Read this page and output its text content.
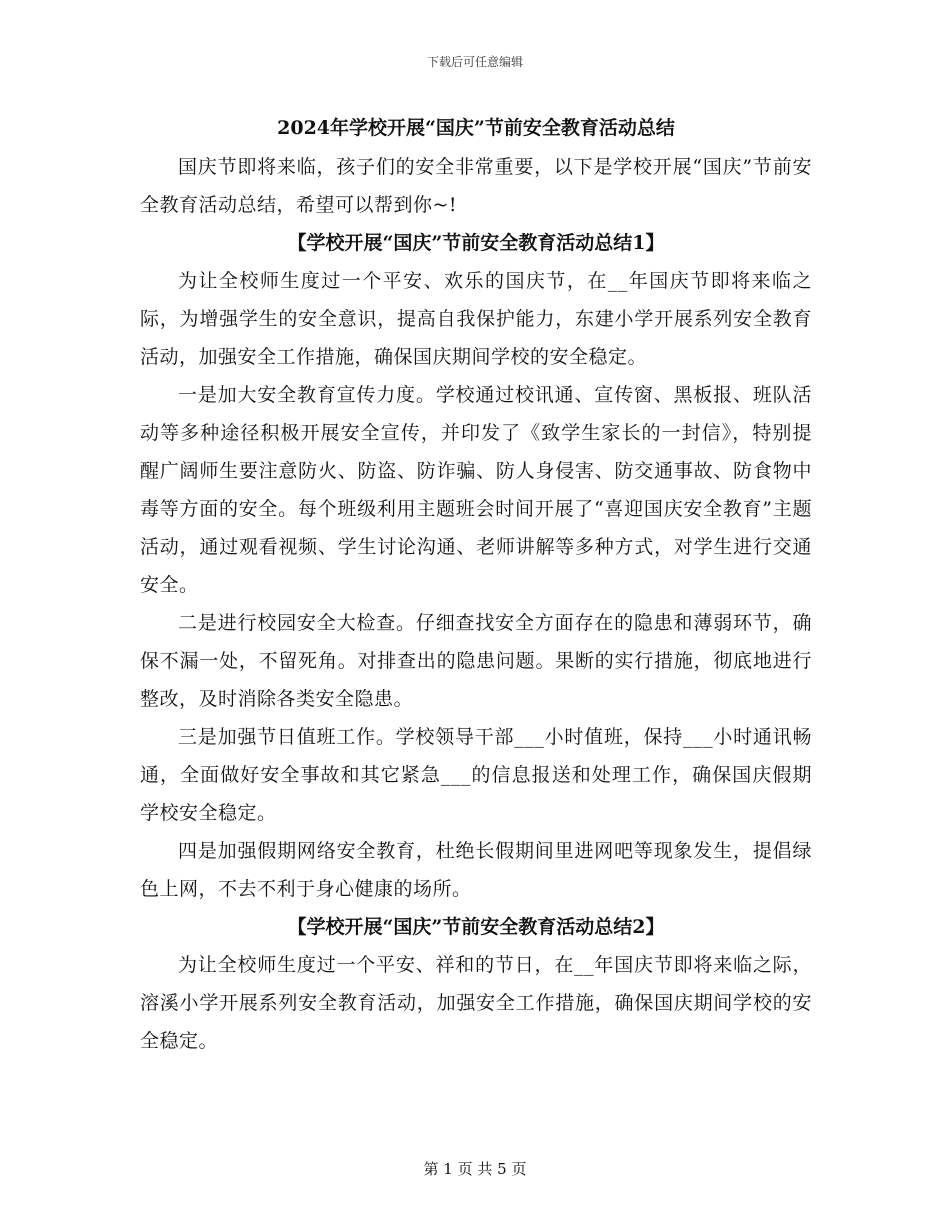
下载后可任意编辑
2024年学校开展“国庆”节前安全教育活动总结

国庆节即将来临，孩子们的安全非常重要，以下是学校开展“国庆”节前安全教育活动总结，希望可以帮到你~!

【学校开展“国庆”节前安全教育活动总结1】

为让全校师生度过一个平安、欢乐的国庆节，在__年国庆节即将来临之际，为增强学生的安全意识，提高自我保护能力，东建小学开展系列安全教育活动，加强安全工作措施，确保国庆期间学校的安全稳定。

一是加大安全教育宣传力度。学校通过校讯通、宣传窗、黑板报、班队活动等多种途径积极开展安全宣传，并印发了《致学生家长的一封信》，特别提醒广阔师生要注意防火、防盗、防诈骗、防人身侵害、防交通事故、防食物中毒等方面的安全。每个班级利用主题班会时间开展了“喜迎国庆安全教育”主题活动，通过观看视频、学生讨论沟通、老师讲解等多种方式，对学生进行交通安全。

二是进行校园安全大检查。仔细查找安全方面存在的隐患和薄弱环节，确保不漏一处，不留死角。对排查出的隐患问题。果断的实行措施，彻底地进行整改，及时消除各类安全隐患。

三是加强节日值班工作。学校领导干部___小时值班，保持___小时通讯畅通，全面做好安全事故和其它紧急___的信息报送和处理工作，确保国庆假期学校安全稳定。

四是加强假期网络安全教育，杜绝长假期间里进网吧等现象发生，提倡绿色上网，不去不利于身心健康的场所。

【学校开展“国庆”节前安全教育活动总结2】

为让全校师生度过一个平安、祥和的节日，在__年国庆节即将来临之际，溶溪小学开展系列安全教育活动，加强安全工作措施，确保国庆期间学校的安全稳定。

第 1 页 共 5 页
